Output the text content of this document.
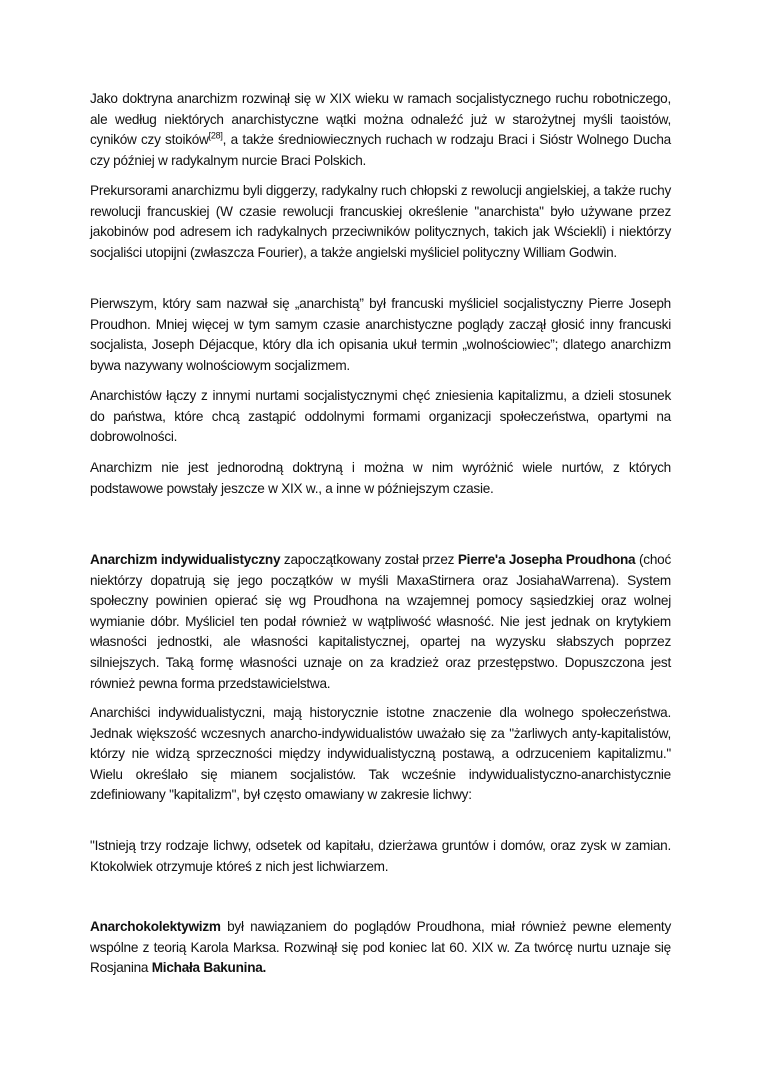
Jako doktryna anarchizm rozwinął się w XIX wieku w ramach socjalistycznego ruchu robotniczego, ale według niektórych anarchistyczne wątki można odnaleźć już w starożytnej myśli taoistów, cyników czy stoików[28], a także średniowiecznych ruchach w rodzaju Braci i Sióstr Wolnego Ducha czy później w radykalnym nurcie Braci Polskich.

Prekursorami anarchizmu byli diggerzy, radykalny ruch chłopski z rewolucji angielskiej, a także ruchy rewolucji francuskiej (W czasie rewolucji francuskiej określenie "anarchista" było używane przez jakobinów pod adresem ich radykalnych przeciwników politycznych, takich jak Wściekli) i niektórzy socjaliści utopijni (zwłaszcza Fourier), a także angielski myśliciel polityczny William Godwin.

Pierwszym, który sam nazwał się „anarchistą” był francuski myśliciel socjalistyczny Pierre Joseph Proudhon. Mniej więcej w tym samym czasie anarchistyczne poglądy zaczął głosić inny francuski socjalista, Joseph Déjacque, który dla ich opisania ukuł termin „wolnościowiec”; dlatego anarchizm bywa nazywany wolnościowym socjalizmem.

Anarchistów łączy z innymi nurtami socjalistycznymi chęć zniesienia kapitalizmu, a dzieli stosunek do państwa, które chcą zastąpić oddolnymi formami organizacji społeczeństwa, opartymi na dobrowolności.

Anarchizm nie jest jednorodną doktryną i można w nim wyróżnić wiele nurtów, z których podstawowe powstały jeszcze w XIX w., a inne w późniejszym czasie.

Anarchizm indywidualistyczny zapoczątkowany został przez Pierre'a Josepha Proudhona (choć niektórzy dopatrują się jego początków w myśli MaxaStirnera oraz JosiahaWarrena). System społeczny powinien opierać się wg Proudhona na wzajemnej pomocy sąsiedzkiej oraz wolnej wymianie dóbr. Myśliciel ten podał również w wątpliwość własność. Nie jest jednak on krytykiem własności jednostki, ale własności kapitalistycznej, opartej na wyzysku słabszych poprzez silniejszych. Taką formę własności uznaje on za kradzież oraz przestępstwo. Dopuszczona jest również pewna forma przedstawicielstwa.

Anarchiści indywidualistyczni, mają historycznie istotne znaczenie dla wolnego społeczeństwa. Jednak większość wczesnych anarcho-indywidualistów uważało się za "żarliwych anty-kapitalistów, którzy nie widzą sprzeczności między indywidualistyczną postawą, a odrzuceniem kapitalizmu." Wielu określało się mianem socjalistów. Tak wcześnie indywidualistyczno-anarchistycznie zdefiniowany "kapitalizm", był często omawiany w zakresie lichwy:

"Istnieją trzy rodzaje lichwy, odsetek od kapitału, dzierżawa gruntów i domów, oraz zysk w zamian. Ktokolwiek otrzymuje któreś z nich jest lichwiarzem.

Anarchokolektywizm był nawiązaniem do poglądów Proudhona, miał również pewne elementy wspólne z teorią Karola Marksa. Rozwinął się pod koniec lat 60. XIX w. Za twórcę nurtu uznaje się Rosjanina Michała Bakunina.
